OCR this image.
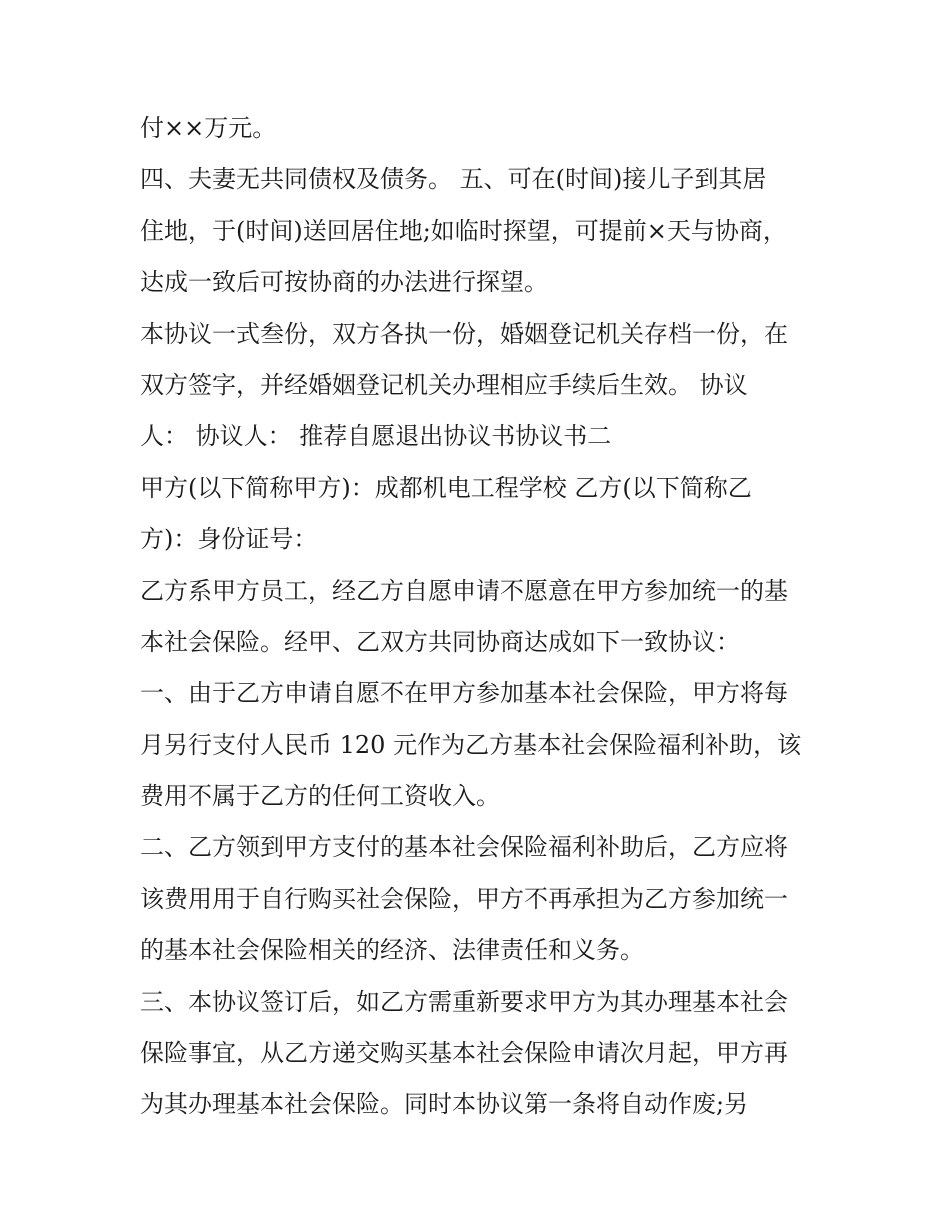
付××万元。
四、夫妻无共同债权及债务。 五、可在(时间)接儿子到其居
住地，于(时间)送回居住地;如临时探望，可提前×天与协商，
达成一致后可按协商的办法进行探望。
本协议一式叁份，双方各执一份，婚姻登记机关存档一份，在
双方签字，并经婚姻登记机关办理相应手续后生效。 协议
人： 协议人： 推荐自愿退出协议书协议书二
甲方(以下简称甲方)：成都机电工程学校 乙方(以下简称乙
方)：身份证号：
乙方系甲方员工，经乙方自愿申请不愿意在甲方参加统一的基
本社会保险。经甲、乙双方共同协商达成如下一致协议：
一、由于乙方申请自愿不在甲方参加基本社会保险，甲方将每
月另行支付人民币 120 元作为乙方基本社会保险福利补助，该
费用不属于乙方的任何工资收入。
二、乙方领到甲方支付的基本社会保险福利补助后，乙方应将
该费用用于自行购买社会保险，甲方不再承担为乙方参加统一
的基本社会保险相关的经济、法律责任和义务。
三、本协议签订后，如乙方需重新要求甲方为其办理基本社会
保险事宜，从乙方递交购买基本社会保险申请次月起，甲方再
为其办理基本社会保险。同时本协议第一条将自动作废;另
